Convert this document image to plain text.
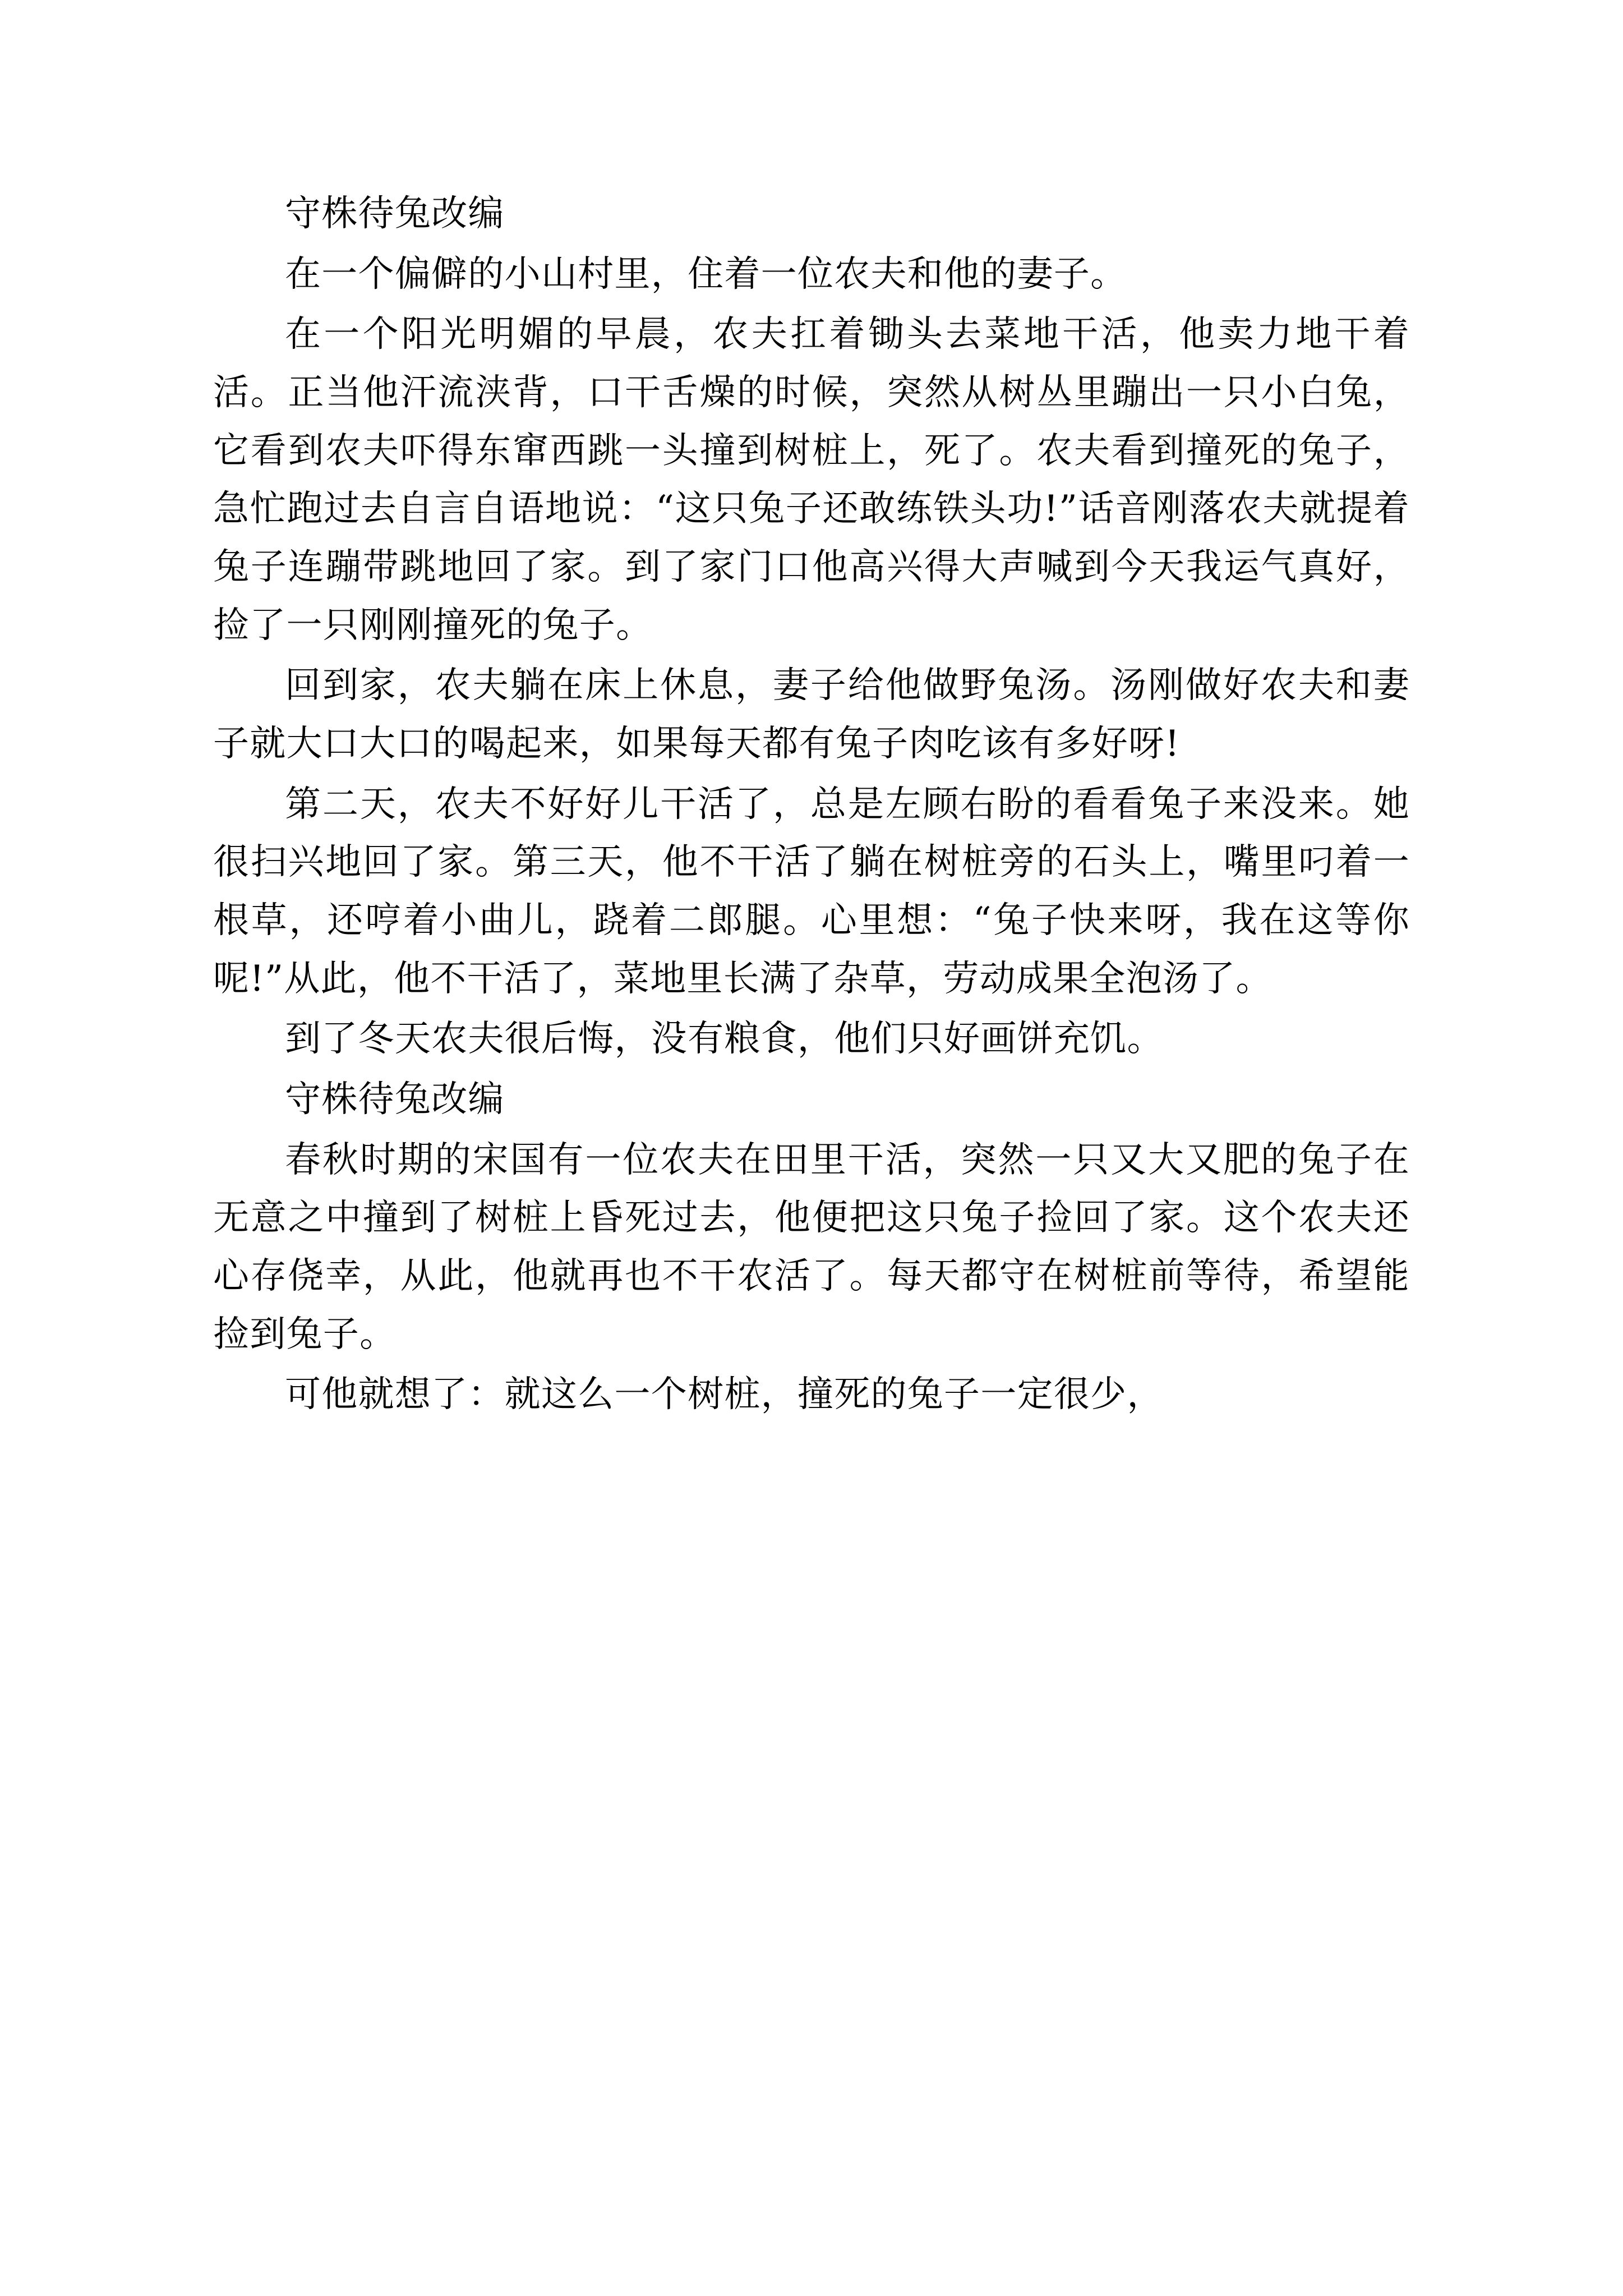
守株待兔改编

在一个偏僻的小山村里，住着一位农夫和他的妻子。

在一个阳光明媚的早晨，农夫扛着锄头去菜地干活，他卖力地干着活。正当他汗流浃背，口干舌燥的时候，突然从树丛里蹦出一只小白兔，它看到农夫吓得东窜西跳一头撞到树桩上，死了。农夫看到撞死的兔子，急忙跑过去自言自语地说：“这只兔子还敢练铁头功!”话音刚落农夫就提着兔子连蹦带跳地回了家。到了家门口他高兴得大声喊到今天我运气真好，捡了一只刚刚撞死的兔子。

回到家，农夫躺在床上休息，妻子给他做野兔汤。汤刚做好农夫和妻子就大口大口的喝起来，如果每天都有兔子肉吃该有多好呀!

第二天，农夫不好好儿干活了，总是左顾右盼的看看兔子来没来。她很扫兴地回了家。第三天，他不干活了躺在树桩旁的石头上，嘴里叼着一根草，还哼着小曲儿，跷着二郎腿。心里想：“兔子快来呀，我在这等你呢!”从此，他不干活了，菜地里长满了杂草，劳动成果全泡汤了。

到了冬天农夫很后悔，没有粮食，他们只好画饼充饥。

守株待兔改编

春秋时期的宋国有一位农夫在田里干活，突然一只又大又肥的兔子在无意之中撞到了树桩上昏死过去，他便把这只兔子捡回了家。这个农夫还心存侥幸，从此，他就再也不干农活了。每天都守在树桩前等待，希望能捡到兔子。

可他就想了：就这么一个树桩，撞死的兔子一定很少，
